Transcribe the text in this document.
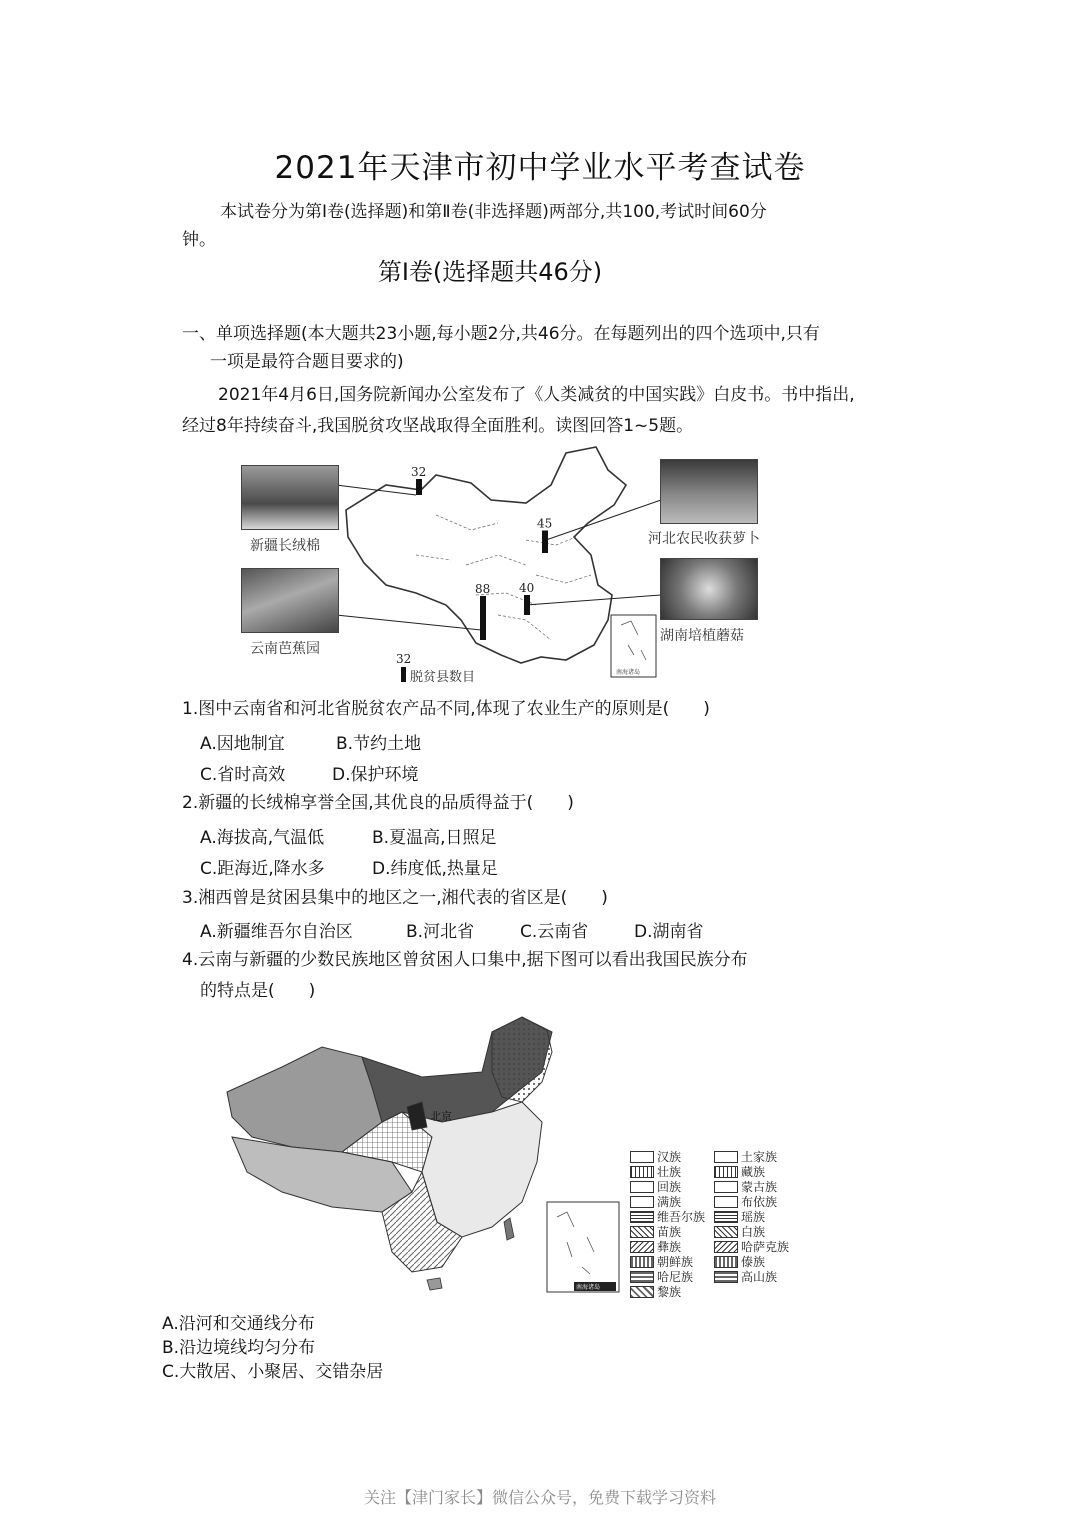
2021年天津市初中学业水平考查试卷
本试卷分为第Ⅰ卷(选择题)和第Ⅱ卷(非选择题)两部分,共100,考试时间60分
钟。
第Ⅰ卷(选择题共46分)
一、单项选择题(本大题共23小题,每小题2分,共46分。在每题列出的四个选项中,只有
一项是最符合题目要求的)
2021年4月6日,国务院新闻办公室发布了《人类减贫的中国实践》白皮书。书中指出,
经过8年持续奋斗,我国脱贫攻坚战取得全面胜利。读图回答1~5题。
32
45
88 40
32
脱贫县数目	南海诸岛
新疆长绒棉
云南芭蕉园
河北农民收获萝卜
湖南培植蘑菇
1.图中云南省和河北省脱贫农产品不同,体现了农业生产的原则是(　　)
A.因地制宜	B.节约土地
C.省时高效	D.保护环境
2.新疆的长绒棉享誉全国,其优良的品质得益于(　　)
A.海拔高,气温低	B.夏温高,日照足
C.距海近,降水多	D.纬度低,热量足
3.湘西曾是贫困县集中的地区之一,湘代表的省区是(　　)
A.新疆维吾尔自治区	B.河北省	C.云南省	D.湖南省
4.云南与新疆的少数民族地区曾贫困人口集中,据下图可以看出我国民族分布
的特点是(　　)
北京
南海诸岛
汉族
壮族
回族
满族
维吾尔族
苗族
彝族
朝鲜族
哈尼族
黎族
土家族
藏族
蒙古族
布依族
瑶族
白族
哈萨克族
傣族
高山族
A.沿河和交通线分布
B.沿边境线均匀分布
C.大散居、小聚居、交错杂居
关注【津门家长】微信公众号，免费下载学习资料
